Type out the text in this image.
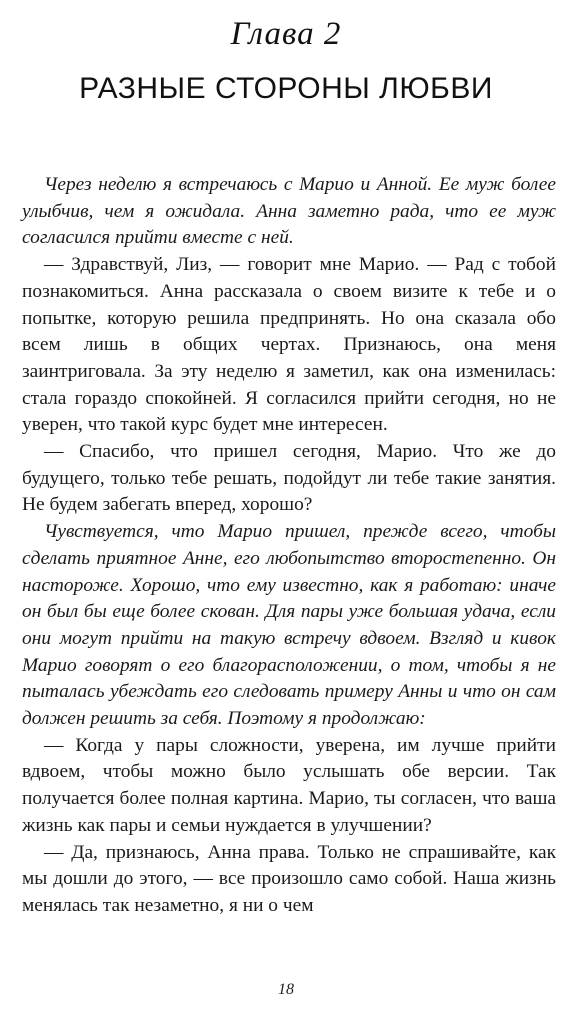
Глава 2
РАЗНЫЕ СТОРОНЫ ЛЮБВИ

Через неделю я встречаюсь с Марио и Анной. Ее муж более улыбчив, чем я ожидала. Анна заметно рада, что ее муж согласился прийти вместе с ней.

— Здравствуй, Лиз, — говорит мне Марио. — Рад с тобой познакомиться. Анна рассказала о своем визите к тебе и о попытке, которую решила предпринять. Но она сказала обо всем лишь в общих чертах. Признаюсь, она меня заинтриговала. За эту неделю я заметил, как она изменилась: стала гораздо спокойней. Я согласился прийти сегодня, но не уверен, что такой курс будет мне интересен.

— Спасибо, что пришел сегодня, Марио. Что же до будущего, только тебе решать, подойдут ли тебе такие занятия. Не будем забегать вперед, хорошо?

Чувствуется, что Марио пришел, прежде всего, чтобы сделать приятное Анне, его любопытство второстепенно. Он настороже. Хорошо, что ему известно, как я работаю: иначе он был бы еще более скован. Для пары уже большая удача, если они могут прийти на такую встречу вдвоем. Взгляд и кивок Марио говорят о его благорасположении, о том, чтобы я не пыталась убеждать его следовать примеру Анны и что он сам должен решить за себя. Поэтому я продолжаю:

— Когда у пары сложности, уверена, им лучше прийти вдвоем, чтобы можно было услышать обе версии. Так получается более полная картина. Марио, ты согласен, что ваша жизнь как пары и семьи нуждается в улучшении?

— Да, признаюсь, Анна права. Только не спрашивайте, как мы дошли до этого, — все произошло само собой. Наша жизнь менялась так незаметно, я ни о чем

18
